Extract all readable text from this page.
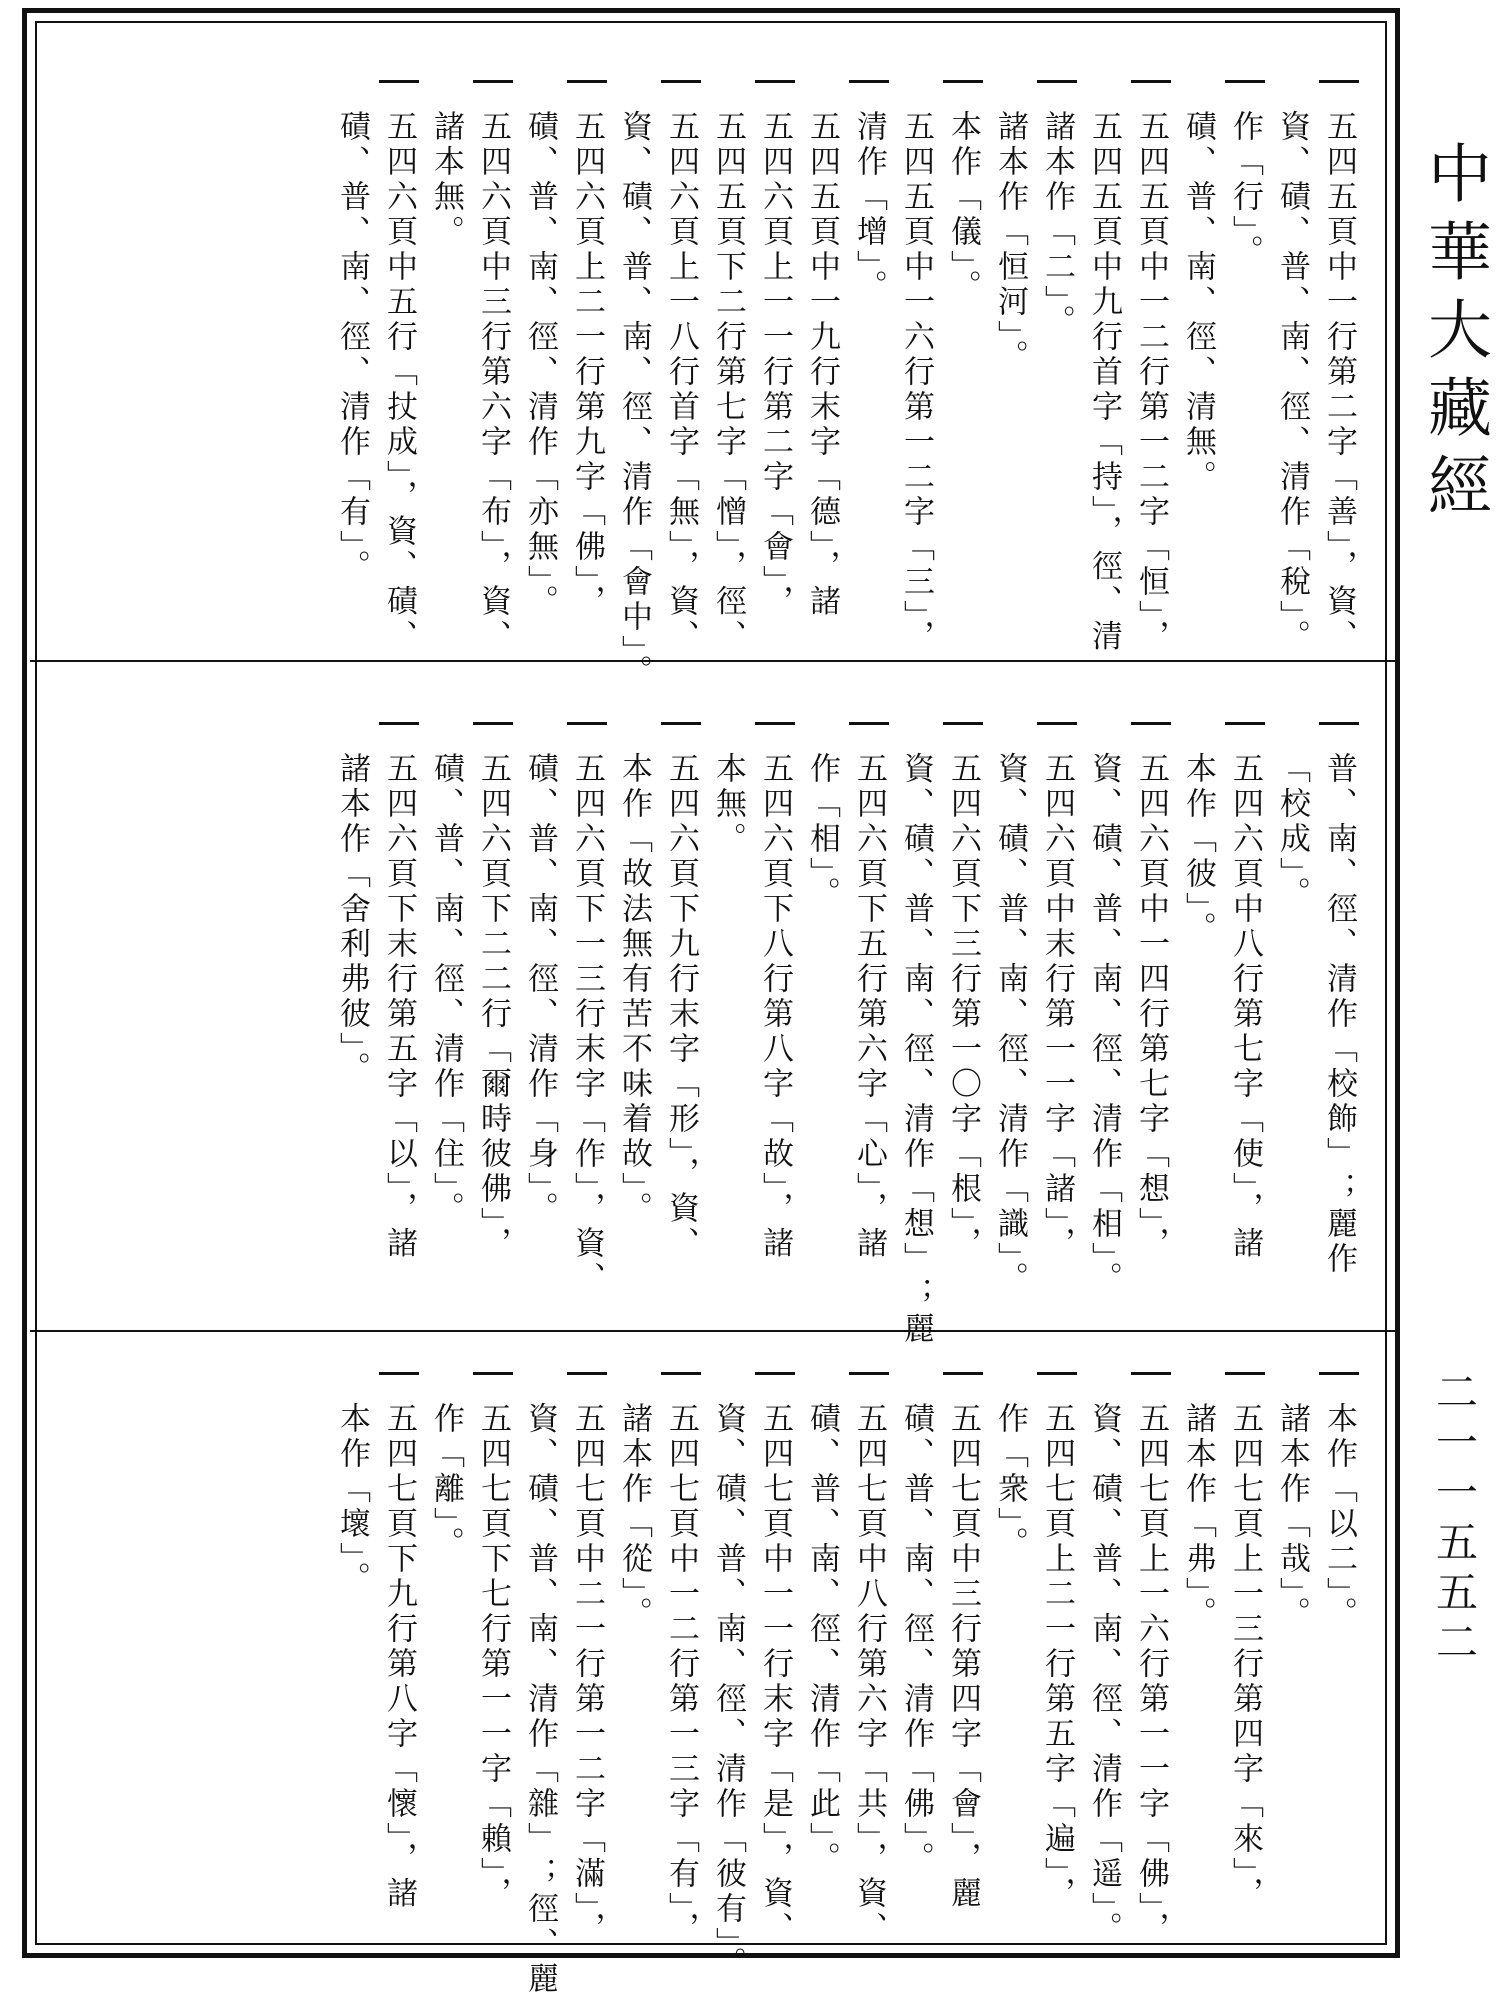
中華大藏經
二一一五五二
五四五頁中一行第二字「善」，資、
資、磧、普、南、徑、清作「稅」。
作「行」。
磧、普、南、徑、清無。
五四五頁中一二行第一二字「恒」，
五四五頁中九行首字「持」，徑、清
諸本作「二」。
諸本作「恒河」。
本作「儀」。
五四五頁中一六行第一二字「三」，
清作「增」。
五四五頁中一九行末字「德」，諸
五四六頁上一一行第二字「會」，
五四五頁下二行第七字「憎」，徑、
五四六頁上一八行首字「無」，資、
資、磧、普、南、徑、清作「會中」。
五四六頁上二一行第九字「佛」，
磧、普、南、徑、清作「亦無」。
五四六頁中三行第六字「布」，資、
諸本無。
五四六頁中五行「扙成」，資、磧、
磧、普、南、徑、清作「有」。
普、南、徑、清作「校飾」；麗作
「校成」。
五四六頁中八行第七字「使」，諸
本作「彼」。
五四六頁中一四行第七字「想」，
資、磧、普、南、徑、清作「相」。
五四六頁中末行第一一字「諸」，
資、磧、普、南、徑、清作「識」。
五四六頁下三行第一〇字「根」，
資、磧、普、南、徑、清作「想」；麗
五四六頁下五行第六字「心」，諸
作「相」。
五四六頁下八行第八字「故」，諸
本無。
五四六頁下九行末字「形」，資、
本作「故法無有苦不味着故」。
五四六頁下一三行末字「作」，資、
磧、普、南、徑、清作「身」。
五四六頁下二二行「爾時彼佛」，
磧、普、南、徑、清作「住」。
五四六頁下末行第五字「以」，諸
諸本作「舍利弗彼」。
本作「以二」。
諸本作「哉」。
五四七頁上一三行第四字「來」，
諸本作「弗」。
五四七頁上一六行第一一字「佛」，
資、磧、普、南、徑、清作「遥」。
五四七頁上二一行第五字「遍」，
作「衆」。
五四七頁中三行第四字「會」，麗
磧、普、南、徑、清作「佛」。
五四七頁中八行第六字「共」，資、
磧、普、南、徑、清作「此」。
五四七頁中一一行末字「是」，資、
資、磧、普、南、徑、清作「彼有」。
五四七頁中一二行第一三字「有」，
諸本作「從」。
五四七頁中二一行第一二字「滿」，
資、磧、普、南、清作「雜」；徑、麗
五四七頁下七行第一一字「賴」，
作「離」。
五四七頁下九行第八字「懷」，諸
本作「壞」。
